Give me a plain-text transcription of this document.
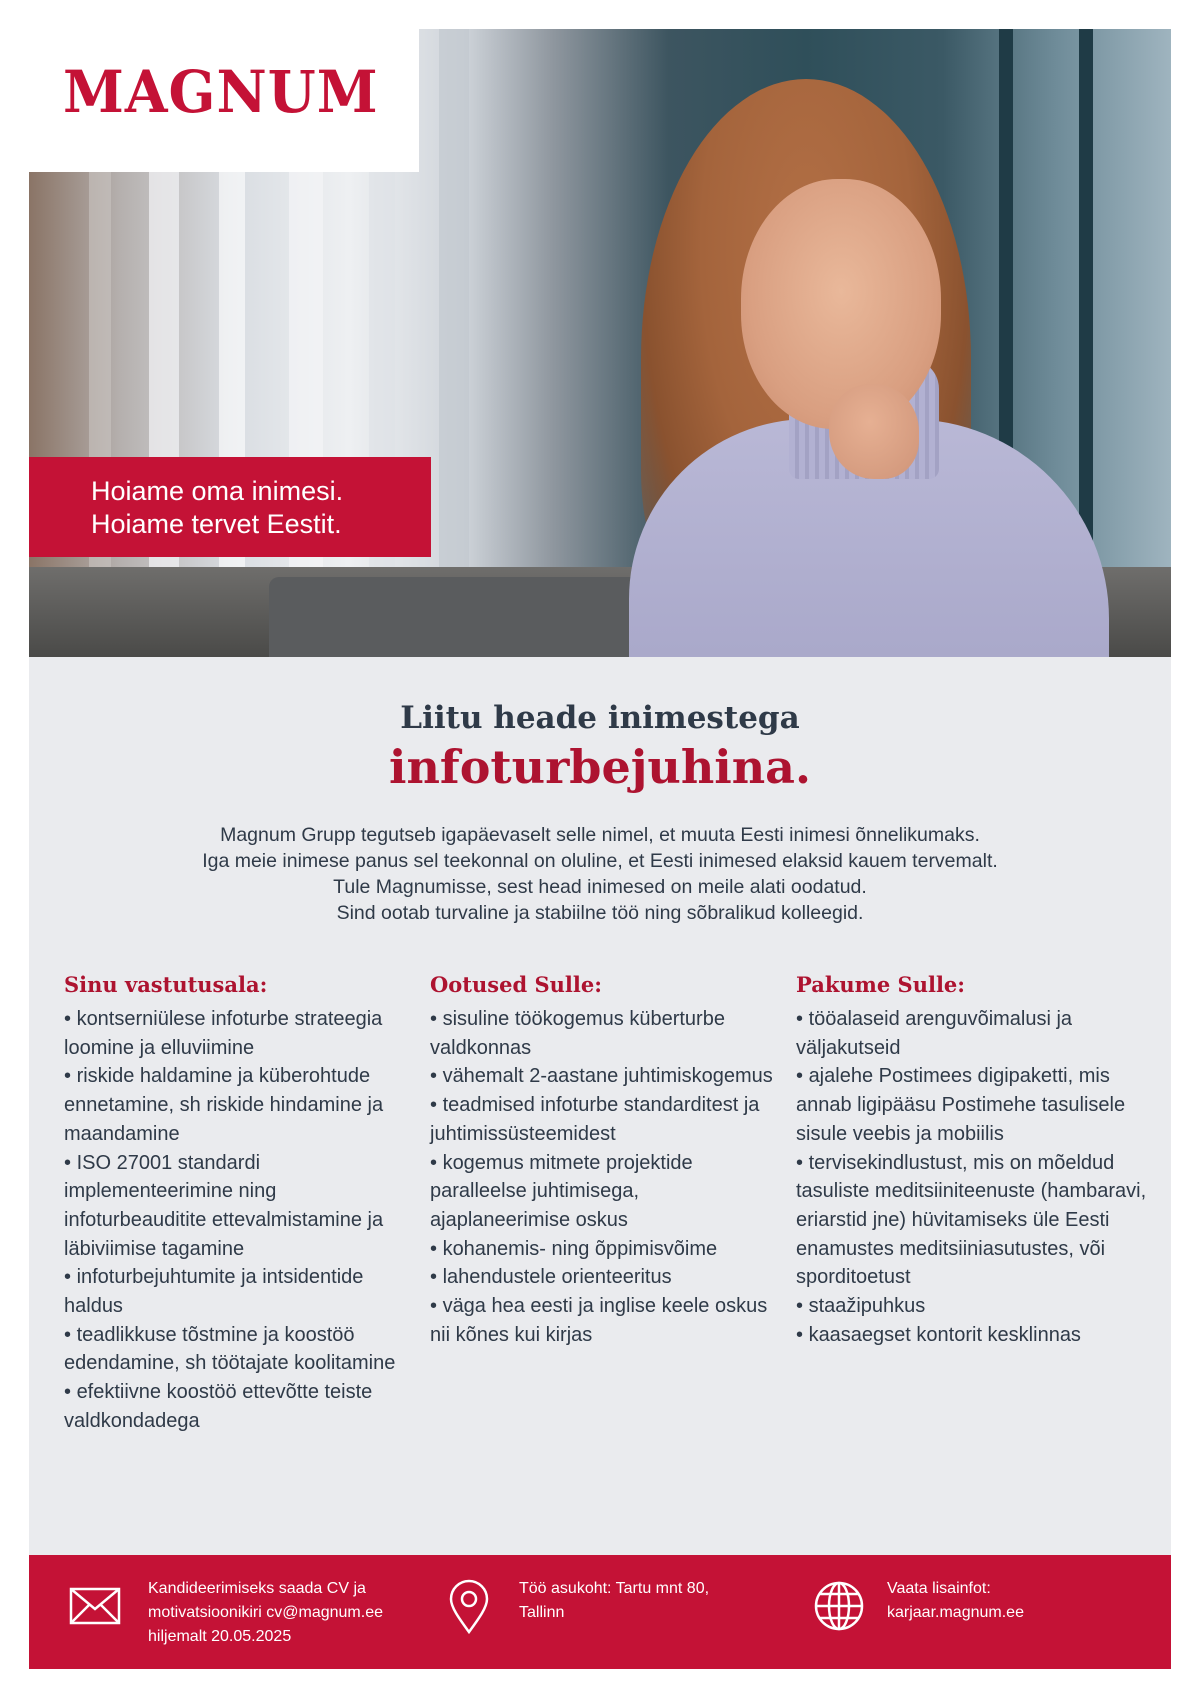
MAGNUM
Hoiame oma inimesi.
Hoiame tervet Eestit.
Liitu heade inimestega
infoturbejuhina.
Magnum Grupp tegutseb igapäevaselt selle nimel, et muuta Eesti inimesi õnnelikumaks.
Iga meie inimese panus sel teekonnal on oluline, et Eesti inimesed elaksid kauem tervemalt.
Tule Magnumisse, sest head inimesed on meile alati oodatud.
Sind ootab turvaline ja stabiilne töö ning sõbralikud kolleegid.
Sinu vastutusala:
• kontserniülese infoturbe strateegia loomine ja elluviimine
• riskide haldamine ja küberohtude ennetamine, sh riskide hindamine ja maandamine
• ISO 27001 standardi implementeerimine ning infoturbeauditite ettevalmistamine ja läbiviimise tagamine
• infoturbejuhtumite ja intsidentide haldus
• teadlikkuse tõstmine ja koostöö edendamine, sh töötajate koolitamine
• efektiivne koostöö ettevõtte teiste valdkondadega
Ootused Sulle:
• sisuline töökogemus küberturbe valdkonnas
• vähemalt 2-aastane juhtimiskogemus
• teadmised infoturbe standarditest ja juhtimissüsteemidest
• kogemus mitmete projektide paralleelse juhtimisega, ajaplaneerimise oskus
• kohanemis- ning õppimisvõime
• lahendustele orienteeritus
• väga hea eesti ja inglise keele oskus nii kõnes kui kirjas
Pakume Sulle:
• tööalaseid arenguvõimalusi ja väljakutseid
• ajalehe Postimees digipaketti, mis annab ligipääsu Postimehe tasulisele sisule veebis ja mobiilis
• tervisekindlustust, mis on mõeldud tasuliste meditsiiniteenuste (hambaravi, eriarstid jne) hüvitamiseks üle Eesti enamustes meditsiiniasutustes, või sporditoetust
• staažipuhkus
• kaasaegset kontorit kesklinnas
Kandideerimiseks saada CV ja
motivatsioonikiri cv@magnum.ee
hiljemalt 20.05.2025
Töö asukoht: Tartu mnt 80,
Tallinn
Vaata lisainfot:
karjaar.magnum.ee
